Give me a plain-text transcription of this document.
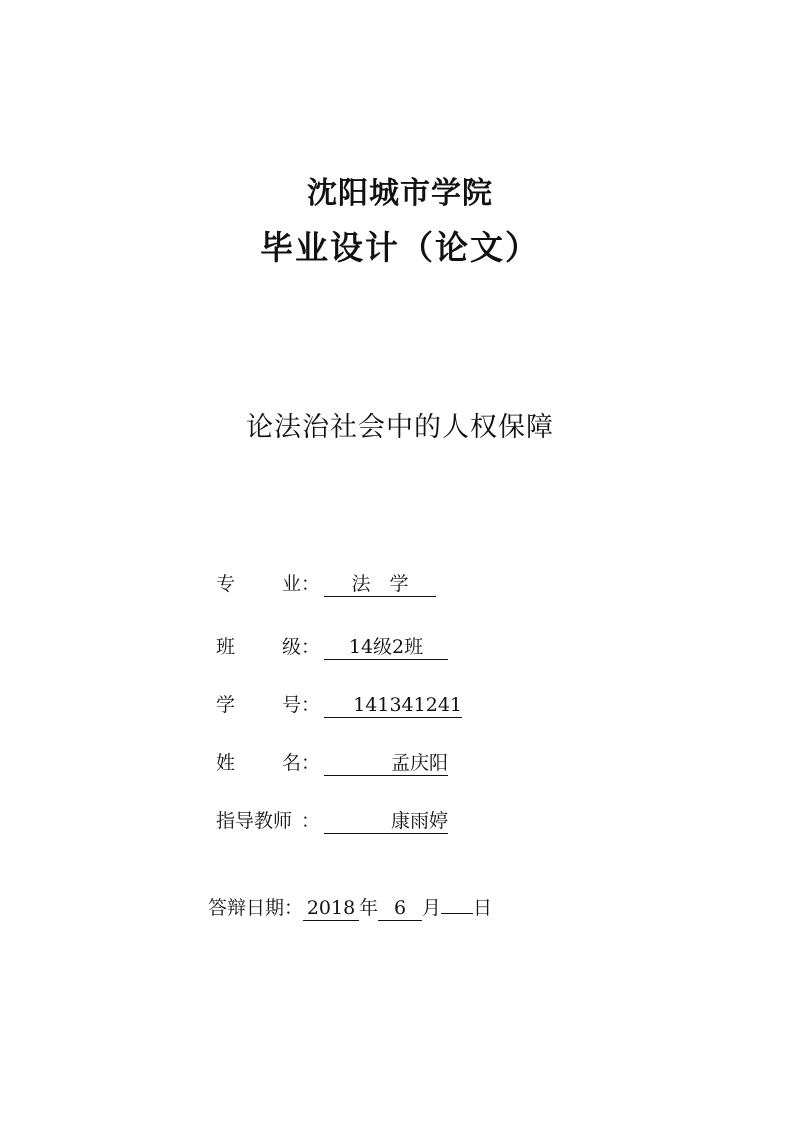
沈阳城市学院
毕业设计（论文）
论法治社会中的人权保障
专 业 ：	法　学
班 级 ：	14级2班
学 号 ：	141341241
姓 名 ：	孟庆阳
指导教师 ：	康雨婷
答辩日期： 2018 年 6 月 日
